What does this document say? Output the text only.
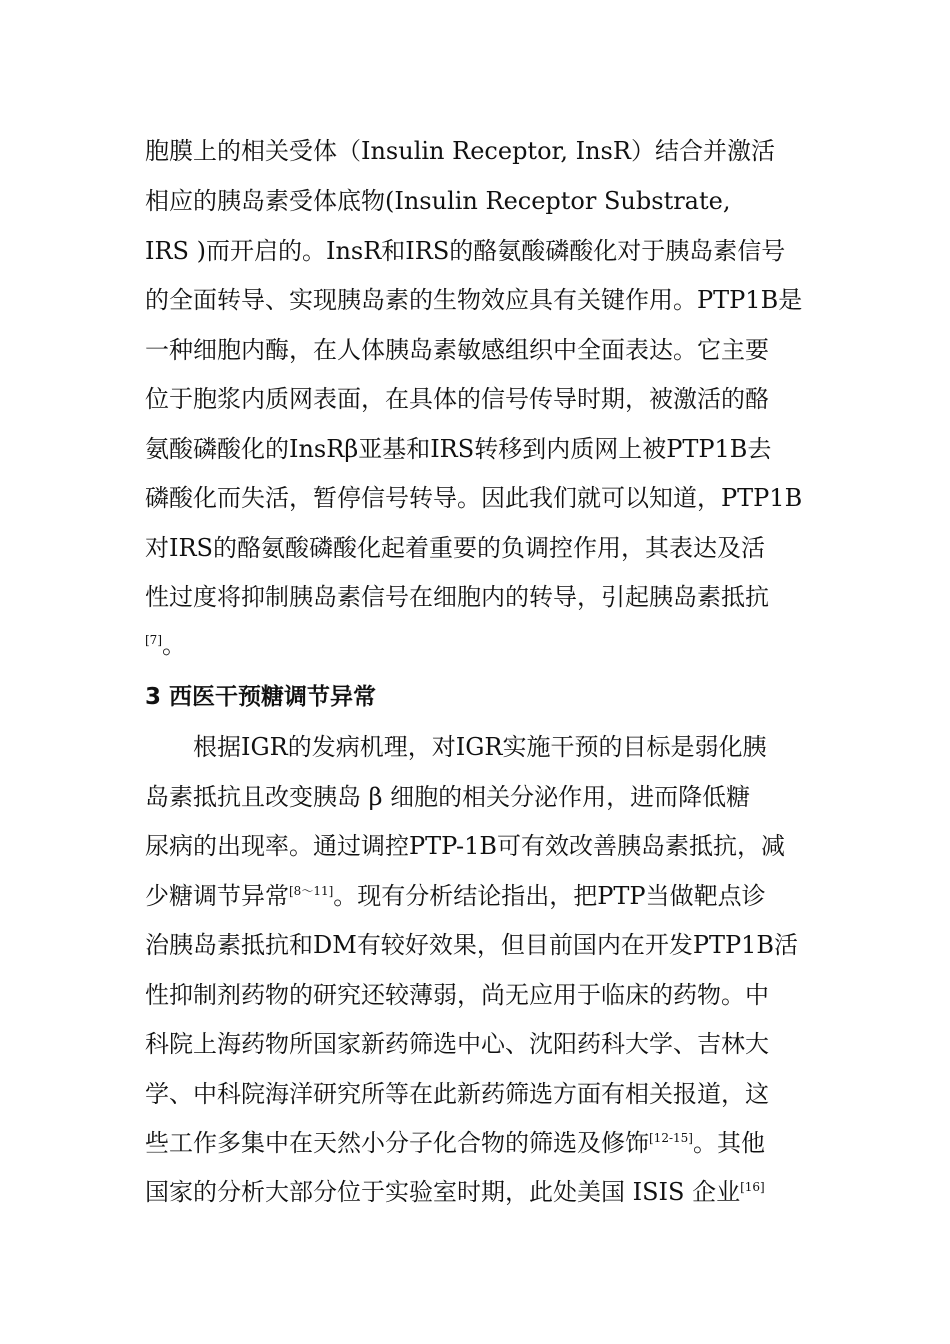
胞膜上的相关受体（Insulin Receptor, InsR）结合并激活
相应的胰岛素受体底物(Insulin Receptor Substrate,
IRS )而开启的。InsR和IRS的酪氨酸磷酸化对于胰岛素信号
的全面转导、实现胰岛素的生物效应具有关键作用。PTP1B是
一种细胞内酶，在人体胰岛素敏感组织中全面表达。它主要
位于胞浆内质网表面，在具体的信号传导时期，被激活的酪
氨酸磷酸化的InsRβ亚基和IRS转移到内质网上被PTP1B去
磷酸化而失活，暂停信号转导。因此我们就可以知道，PTP1B
对IRS的酪氨酸磷酸化起着重要的负调控作用，其表达及活
性过度将抑制胰岛素信号在细胞内的转导，引起胰岛素抵抗
[7]。
3 西医干预糖调节异常
根据IGR的发病机理，对IGR实施干预的目标是弱化胰
岛素抵抗且改变胰岛 β 细胞的相关分泌作用，进而降低糖
尿病的出现率。通过调控PTP-1B可有效改善胰岛素抵抗，减
少糖调节异常[8～11]。现有分析结论指出，把PTP当做靶点诊
治胰岛素抵抗和DM有较好效果，但目前国内在开发PTP1B活
性抑制剂药物的研究还较薄弱，尚无应用于临床的药物。中
科院上海药物所国家新药筛选中心、沈阳药科大学、吉林大
学、中科院海洋研究所等在此新药筛选方面有相关报道，这
些工作多集中在天然小分子化合物的筛选及修饰[12-15]。其他
国家的分析大部分位于实验室时期，此处美国 ISIS 企业[16]
